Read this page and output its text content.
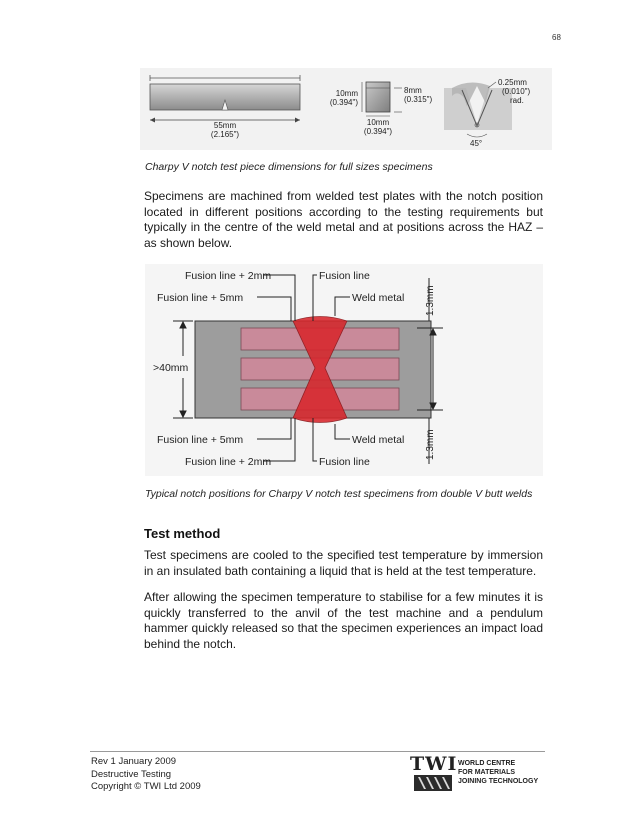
68
55mm
(2.165")
10mm
(0.394")
8mm
(0.315")
10mm
(0.394")
0.25mm
(0.010")
rad.
45°
Charpy V notch test piece dimensions for full sizes specimens
Specimens are machined from welded test plates with the notch position located in different positions according to the testing requirements but typically in the centre of the weld metal and at positions across the HAZ – as shown below.
Fusion line + 2mm
Fusion line + 5mm
Fusion line
Weld metal
Fusion line + 5mm
Fusion line + 2mm	Fusion line
Weld metal
>40mm
1.3mm
1.3mm
Typical notch positions for Charpy V notch test specimens from double V butt welds
Test method
Test specimens are cooled to the specified test temperature by immersion in an insulated bath containing a liquid that is held at the test temperature.
After allowing the specimen temperature to stabilise for a few minutes it is quickly transferred to the anvil of the test machine and a pendulum hammer quickly released so that the specimen experiences an impact load behind the notch.
Rev 1 January 2009
Destructive Testing
Copyright © TWI Ltd 2009
TWI WORLD CENTRE
FOR MATERIALS
JOINING TECHNOLOGY
